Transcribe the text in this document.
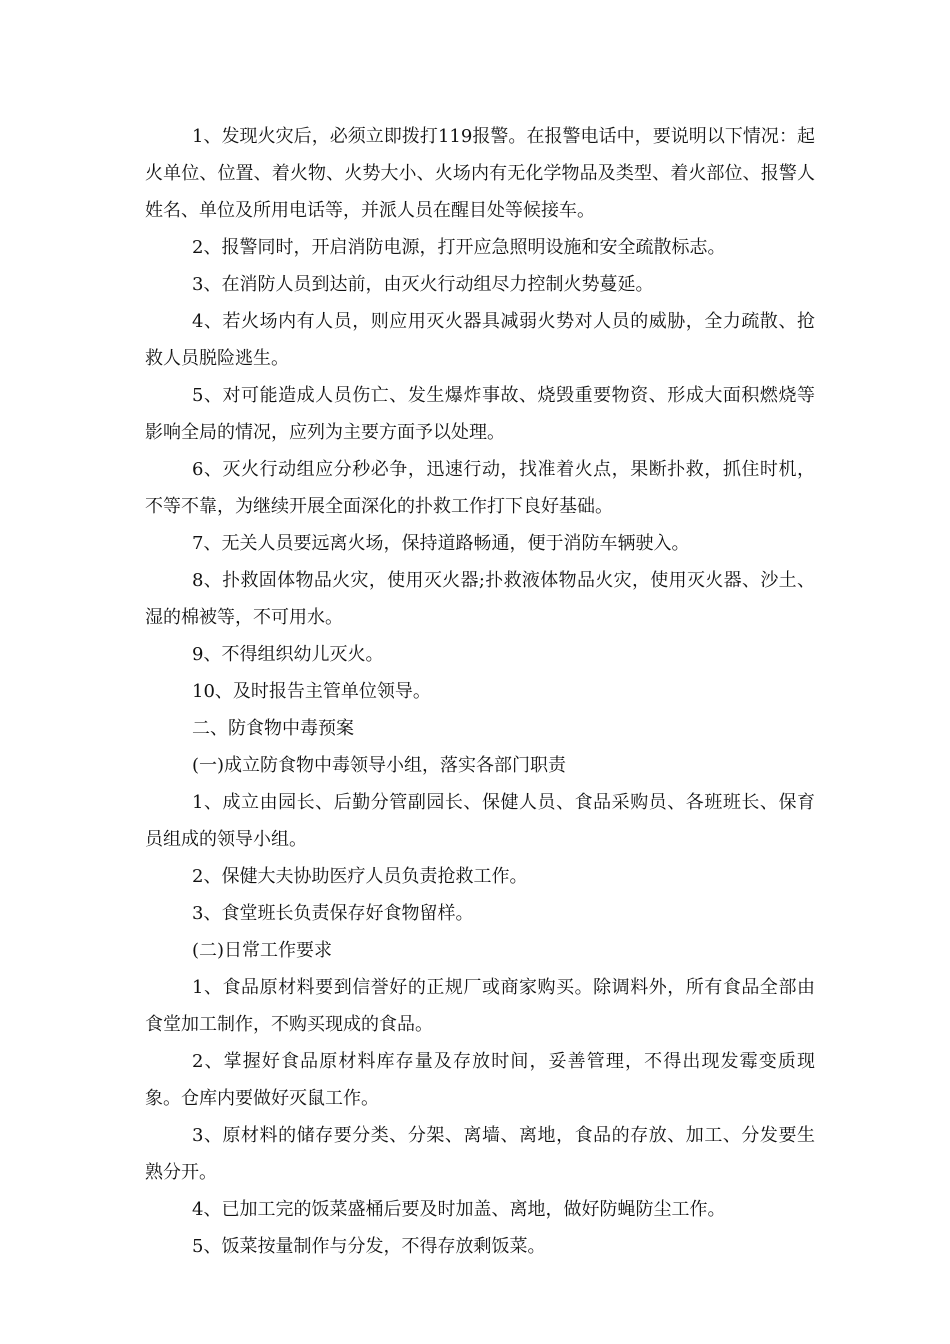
1、发现火灾后，必须立即拨打119报警。在报警电话中，要说明以下情况：起火单位、位置、着火物、火势大小、火场内有无化学物品及类型、着火部位、报警人姓名、单位及所用电话等，并派人员在醒目处等候接车。

2、报警同时，开启消防电源，打开应急照明设施和安全疏散标志。

3、在消防人员到达前，由灭火行动组尽力控制火势蔓延。

4、若火场内有人员，则应用灭火器具减弱火势对人员的威胁，全力疏散、抢救人员脱险逃生。

5、对可能造成人员伤亡、发生爆炸事故、烧毁重要物资、形成大面积燃烧等影响全局的情况，应列为主要方面予以处理。

6、灭火行动组应分秒必争，迅速行动，找准着火点，果断扑救，抓住时机，不等不靠，为继续开展全面深化的扑救工作打下良好基础。

7、无关人员要远离火场，保持道路畅通，便于消防车辆驶入。

8、扑救固体物品火灾，使用灭火器;扑救液体物品火灾，使用灭火器、沙土、湿的棉被等，不可用水。

9、不得组织幼儿灭火。

10、及时报告主管单位领导。

二、防食物中毒预案

(一)成立防食物中毒领导小组，落实各部门职责

1、成立由园长、后勤分管副园长、保健人员、食品采购员、各班班长、保育员组成的领导小组。

2、保健大夫协助医疗人员负责抢救工作。

3、食堂班长负责保存好食物留样。

(二)日常工作要求

1、食品原材料要到信誉好的正规厂或商家购买。除调料外，所有食品全部由食堂加工制作，不购买现成的食品。

2、掌握好食品原材料库存量及存放时间，妥善管理，不得出现发霉变质现象。仓库内要做好灭鼠工作。

3、原材料的储存要分类、分架、离墙、离地，食品的存放、加工、分发要生熟分开。

4、已加工完的饭菜盛桶后要及时加盖、离地，做好防蝇防尘工作。

5、饭菜按量制作与分发，不得存放剩饭菜。
